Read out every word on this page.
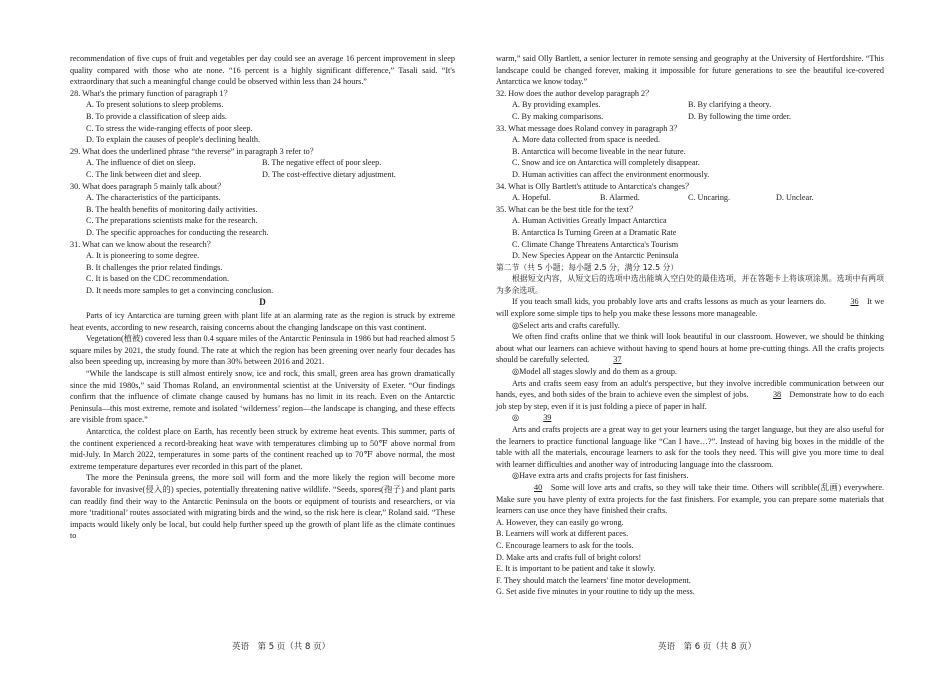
recommendation of five cups of fruit and vegetables per day could see an average 16 percent improvement in sleep quality compared with those who ate none. “16 percent is a highly significant difference,” Tasali said. “It's extraordinary that such a meaningful change could be observed within less than 24 hours.”

28. What's the primary function of paragraph 1？

A. To present solutions to sleep problems.

B. To provide a classification of sleep aids.

C. To stress the wide-ranging effects of poor sleep.

D. To explain the causes of people's declining health.

29. What does the underlined phrase “the reverse” in paragraph 3 refer to？

A. The influence of diet on sleep.	B. The negative effect of poor sleep.
C. The link between diet and sleep.	D. The cost-effective dietary adjustment.

30. What does paragraph 5 mainly talk about？

A. The characteristics of the participants.

B. The health benefits of monitoring daily activities.

C. The preparations scientists make for the research.

D. The specific approaches for conducting the research.

31. What can we know about the research？

A. It is pioneering to some degree.

B. It challenges the prior related findings.

C. It is based on the CDC recommendation.

D. It needs more samples to get a convincing conclusion.

D

Parts of icy Antarctica are turning green with plant life at an alarming rate as the region is struck by extreme heat events, according to new research, raising concerns about the changing landscape on this vast continent.

Vegetation(植被) covered less than 0.4 square miles of the Antarctic Peninsula in 1986 but had reached almost 5 square miles by 2021, the study found. The rate at which the region has been greening over nearly four decades has also been speeding up, increasing by more than 30% between 2016 and 2021.

“While the landscape is still almost entirely snow, ice and rock, this small, green area has grown dramatically since the mid 1980s,” said Thomas Roland, an environmental scientist at the University of Exeter. “Our findings confirm that the influence of climate change caused by humans has no limit in its reach. Even on the Antarctic Peninsula—this most extreme, remote and isolated ‘wilderness’ region—the landscape is changing, and these effects are visible from space.”

Antarctica, the coldest place on Earth, has recently been struck by extreme heat events. This summer, parts of the continent experienced a record-breaking heat wave with temperatures climbing up to 50℉ above normal from mid-July. In March 2022, temperatures in some parts of the continent reached up to 70℉ above normal, the most extreme temperature departures ever recorded in this part of the planet.

The more the Peninsula greens, the more soil will form and the more likely the region will become more favorable for invasive(侵入的) species, potentially threatening native wildlife. “Seeds, spores(孢子) and plant parts can readily find their way to the Antarctic Peninsula on the boots or equipment of tourists and researchers, or via more ‘traditional’ routes associated with migrating birds and the wind, so the risk here is clear,” Roland said. “These impacts would likely only be local, but could help further speed up the growth of plant life as the climate continues to

warm,” said Olly Bartlett, a senior lecturer in remote sensing and geography at the University of Hertfordshire. “This landscape could be changed forever, making it impossible for future generations to see the beautiful ice-covered Antarctica we know today.”

32. How does the author develop paragraph 2？

A. By providing examples.	B. By clarifying a theory.
C. By making comparisons.	D. By following the time order.

33. What message does Roland convey in paragraph 3？

A. More data collected from space is needed.

B. Antarctica will become liveable in the near future.

C. Snow and ice on Antarctica will completely disappear.

D. Human activities can affect the environment enormously.

34. What is Olly Bartlett's attitude to Antarctica's changes？

A. Hopeful.	B. Alarmed.	C. Uncaring.	D. Unclear.

35. What can be the best title for the text？

A. Human Activities Greatly Impact Antarctica

B. Antarctica Is Turning Green at a Dramatic Rate

C. Climate Change Threatens Antarctica's Tourism

D. New Species Appear on the Antarctic Peninsula

第二节（共 5 小题；每小题 2.5 分，满分 12.5 分）

根据短文内容，从短文后的选项中选出能填入空白处的最佳选项，并在答题卡上将该项涂黑。选项中有两项为多余选项。

If you teach small kids, you probably love arts and crafts lessons as much as your learners do.	36 It we will explore some simple tips to help you make these lessons more manageable.

◎Select arts and crafts carefully.

We often find crafts online that we think will look beautiful in our classroom. However, we should be thinking about what our learners can achieve without having to spend hours at home pre-cutting things. All the crafts projects should be carefully selected.	37

◎Model all stages slowly and do them as a group.

Arts and crafts seem easy from an adult's perspective, but they involve incredible communication between our hands, eyes, and both sides of the brain to achieve even the simplest of jobs.	38 Demonstrate how to do each job step by step, even if it is just folding a piece of paper in half.

◎	39

Arts and crafts projects are a great way to get your learners using the target language, but they are also useful for the learners to practice functional language like “Can I have…?”. Instead of having big boxes in the middle of the table with all the materials, encourage learners to ask for the tools they need. This will give you more time to deal with learner difficulties and another way of introducing language into the classroom.

◎Have extra arts and crafts projects for fast finishers.

40 Some will love arts and crafts, so they will take their time. Others will scribble(乱画) everywhere. Make sure you have plenty of extra projects for the fast finishers. For example, you can prepare some materials that learners can use once they have finished their crafts.

A. However, they can easily go wrong.

B. Learners will work at different paces.

C. Encourage learners to ask for the tools.

D. Make arts and crafts full of bright colors!

E. It is important to be patient and take it slowly.

F. They should match the learners' fine motor development.

G. Set aside five minutes in your routine to tidy up the mess.

英语　第 5 页（共 8 页）	英语　第 6 页（共 8 页）
